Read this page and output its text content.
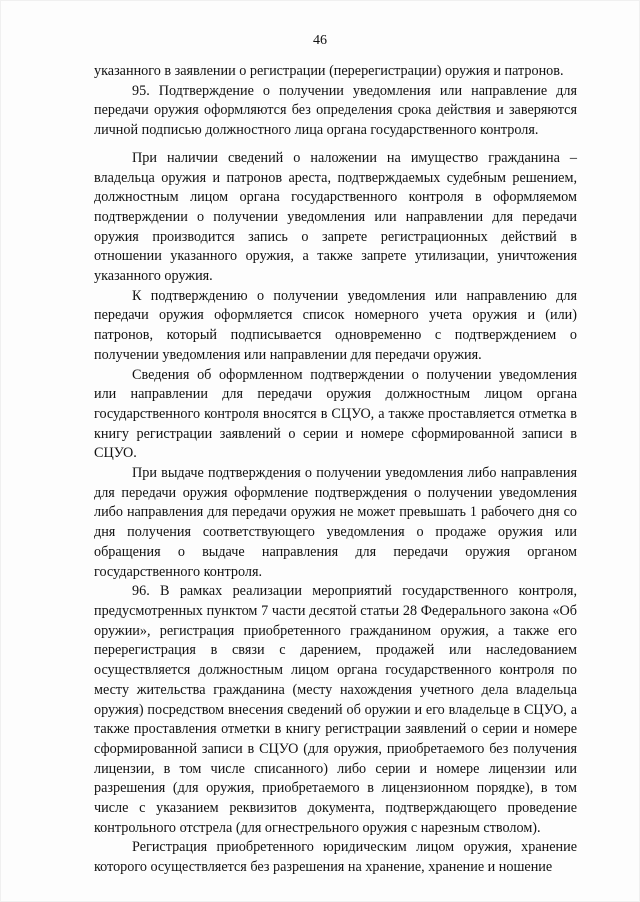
46

указанного в заявлении о регистрации (перерегистрации) оружия и патронов.

95. Подтверждение о получении уведомления или направление для передачи оружия оформляются без определения срока действия и заверяются личной подписью должностного лица органа государственного контроля.

При наличии сведений о наложении на имущество гражданина – владельца оружия и патронов ареста, подтверждаемых судебным решением, должностным лицом органа государственного контроля в оформляемом подтверждении о получении уведомления или направлении для передачи оружия производится запись о запрете регистрационных действий в отношении указанного оружия, а также запрете утилизации, уничтожения указанного оружия.

К подтверждению о получении уведомления или направлению для передачи оружия оформляется список номерного учета оружия и (или) патронов, который подписывается одновременно с подтверждением о получении уведомления или направлении для передачи оружия.

Сведения об оформленном подтверждении о получении уведомления или направлении для передачи оружия должностным лицом органа государственного контроля вносятся в СЦУО, а также проставляется отметка в книгу регистрации заявлений о серии и номере сформированной записи в СЦУО.

При выдаче подтверждения о получении уведомления либо направления для передачи оружия оформление подтверждения о получении уведомления либо направления для передачи оружия не может превышать 1 рабочего дня со дня получения соответствующего уведомления о продаже оружия или обращения о выдаче направления для передачи оружия органом государственного контроля.

96. В рамках реализации мероприятий государственного контроля, предусмотренных пунктом 7 части десятой статьи 28 Федерального закона «Об оружии», регистрация приобретенного гражданином оружия, а также его перерегистрация в связи с дарением, продажей или наследованием осуществляется должностным лицом органа государственного контроля по месту жительства гражданина (месту нахождения учетного дела владельца оружия) посредством внесения сведений об оружии и его владельце в СЦУО, а также проставления отметки в книгу регистрации заявлений о серии и номере сформированной записи в СЦУО (для оружия, приобретаемого без получения лицензии, в том числе списанного) либо серии и номере лицензии или разрешения (для оружия, приобретаемого в лицензионном порядке), в том числе с указанием реквизитов документа, подтверждающего проведение контрольного отстрела (для огнестрельного оружия с нарезным стволом).

Регистрация приобретенного юридическим лицом оружия, хранение которого осуществляется без разрешения на хранение, хранение и ношение
